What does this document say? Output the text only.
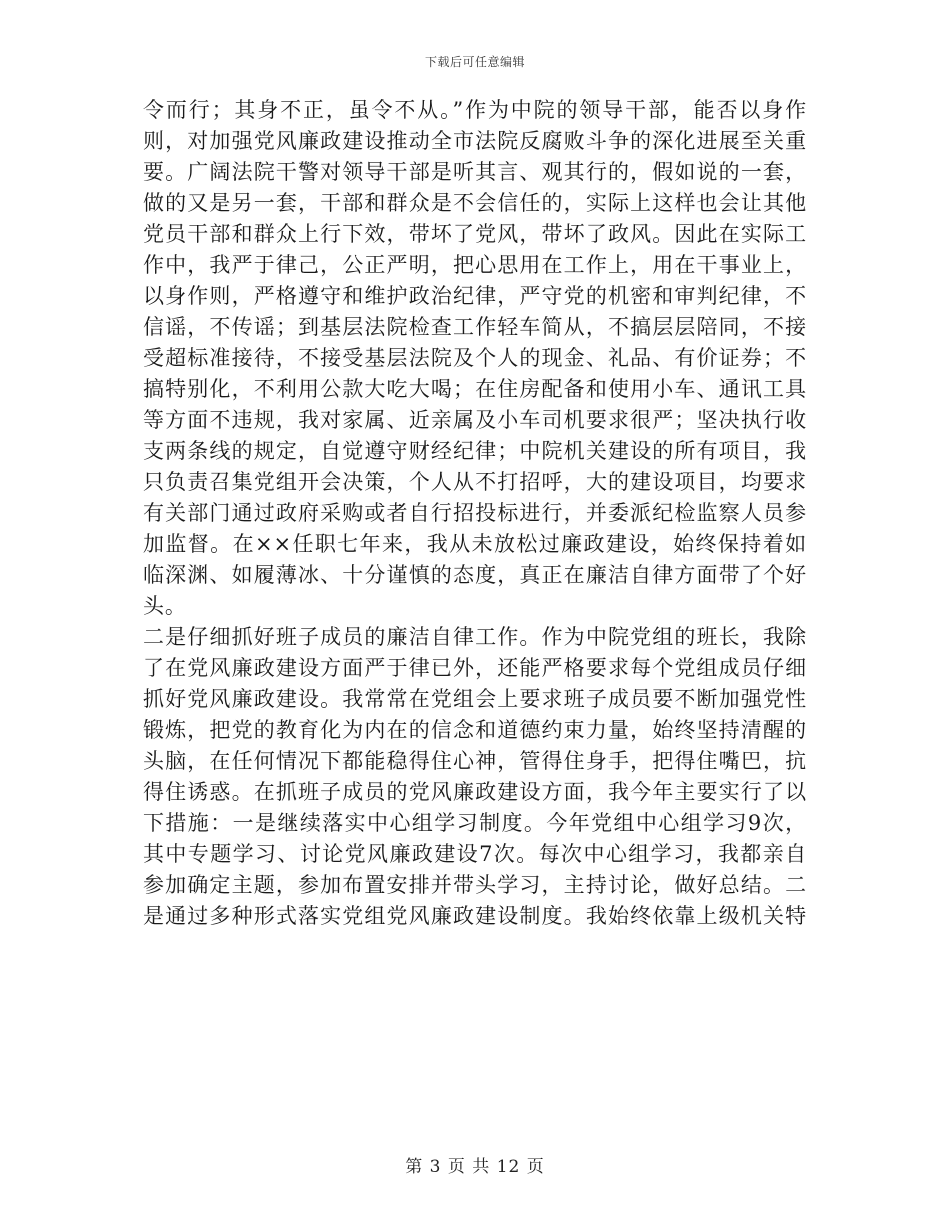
下载后可任意编辑
令而行；其身不正，虽令不从。”作为中院的领导干部，能否以身作
则，对加强党风廉政建设推动全市法院反腐败斗争的深化进展至关重
要。广阔法院干警对领导干部是听其言、观其行的，假如说的一套，
做的又是另一套，干部和群众是不会信任的，实际上这样也会让其他
党员干部和群众上行下效，带坏了党风，带坏了政风。因此在实际工
作中，我严于律己，公正严明，把心思用在工作上，用在干事业上，
以身作则，严格遵守和维护政治纪律，严守党的机密和审判纪律，不
信谣，不传谣；到基层法院检查工作轻车简从，不搞层层陪同，不接
受超标准接待，不接受基层法院及个人的现金、礼品、有价证券；不
搞特别化，不利用公款大吃大喝；在住房配备和使用小车、通讯工具
等方面不违规，我对家属、近亲属及小车司机要求很严；坚决执行收
支两条线的规定，自觉遵守财经纪律；中院机关建设的所有项目，我
只负责召集党组开会决策，个人从不打招呼，大的建设项目，均要求
有关部门通过政府采购或者自行招投标进行，并委派纪检监察人员参
加监督。在××任职七年来，我从未放松过廉政建设，始终保持着如
临深渊、如履薄冰、十分谨慎的态度，真正在廉洁自律方面带了个好
头。
二是仔细抓好班子成员的廉洁自律工作。作为中院党组的班长，我除
了在党风廉政建设方面严于律已外，还能严格要求每个党组成员仔细
抓好党风廉政建设。我常常在党组会上要求班子成员要不断加强党性
锻炼，把党的教育化为内在的信念和道德约束力量，始终坚持清醒的
头脑，在任何情况下都能稳得住心神，管得住身手，把得住嘴巴，抗
得住诱惑。在抓班子成员的党风廉政建设方面，我今年主要实行了以
下措施：一是继续落实中心组学习制度。今年党组中心组学习9次，
其中专题学习、讨论党风廉政建设7次。每次中心组学习，我都亲自
参加确定主题，参加布置安排并带头学习，主持讨论，做好总结。二
是通过多种形式落实党组党风廉政建设制度。我始终依靠上级机关特
第 3 页 共 12 页
